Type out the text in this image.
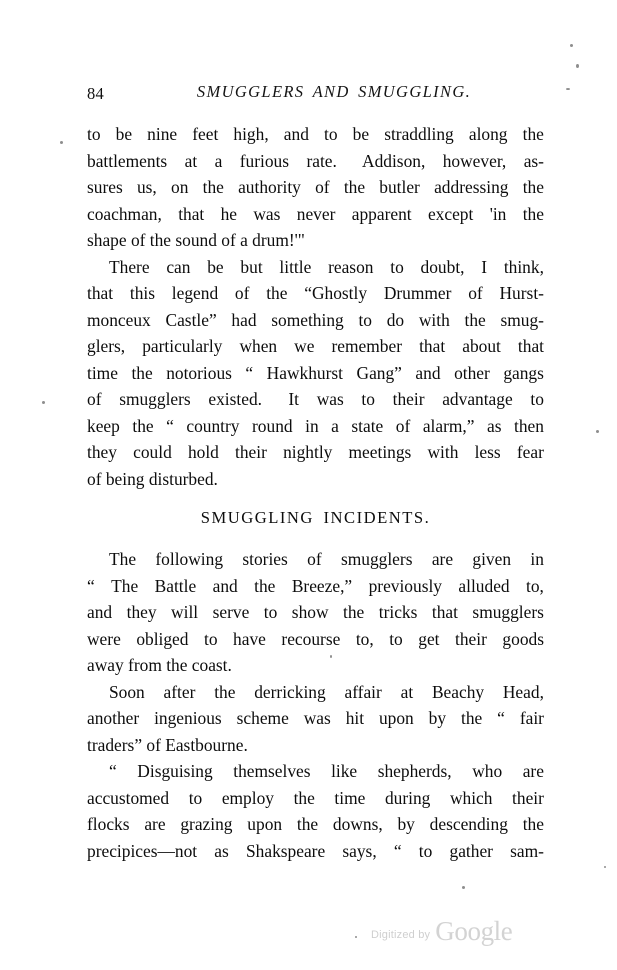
84	SMUGGLERS AND SMUGGLING.
to be nine feet high, and to be straddling along the
battlements at a furious rate. Addison, however, as-
sures us, on the authority of the butler addressing the
coachman, that he was never apparent except 'in the
shape of the sound of a drum!'"
There can be but little reason to doubt, I think,
that this legend of the “Ghostly Drummer of Hurst-
monceux Castle” had something to do with the smug-
glers, particularly when we remember that about that
time the notorious “ Hawkhurst Gang” and other gangs
of smugglers existed. It was to their advantage to
keep the “ country round in a state of alarm,” as then
they could hold their nightly meetings with less fear
of being disturbed.
SMUGGLING INCIDENTS.
The following stories of smugglers are given in
“ The Battle and the Breeze,” previously alluded to,
and they will serve to show the tricks that smugglers
were obliged to have recourse to, to get their goods
away from the coast.
Soon after the derricking affair at Beachy Head,
another ingenious scheme was hit upon by the “ fair
traders” of Eastbourne.
“ Disguising themselves like shepherds, who are
accustomed to employ the time during which their
flocks are grazing upon the downs, by descending the
precipices—not as Shakspeare says, “ to gather sam-
Digitized by Google
